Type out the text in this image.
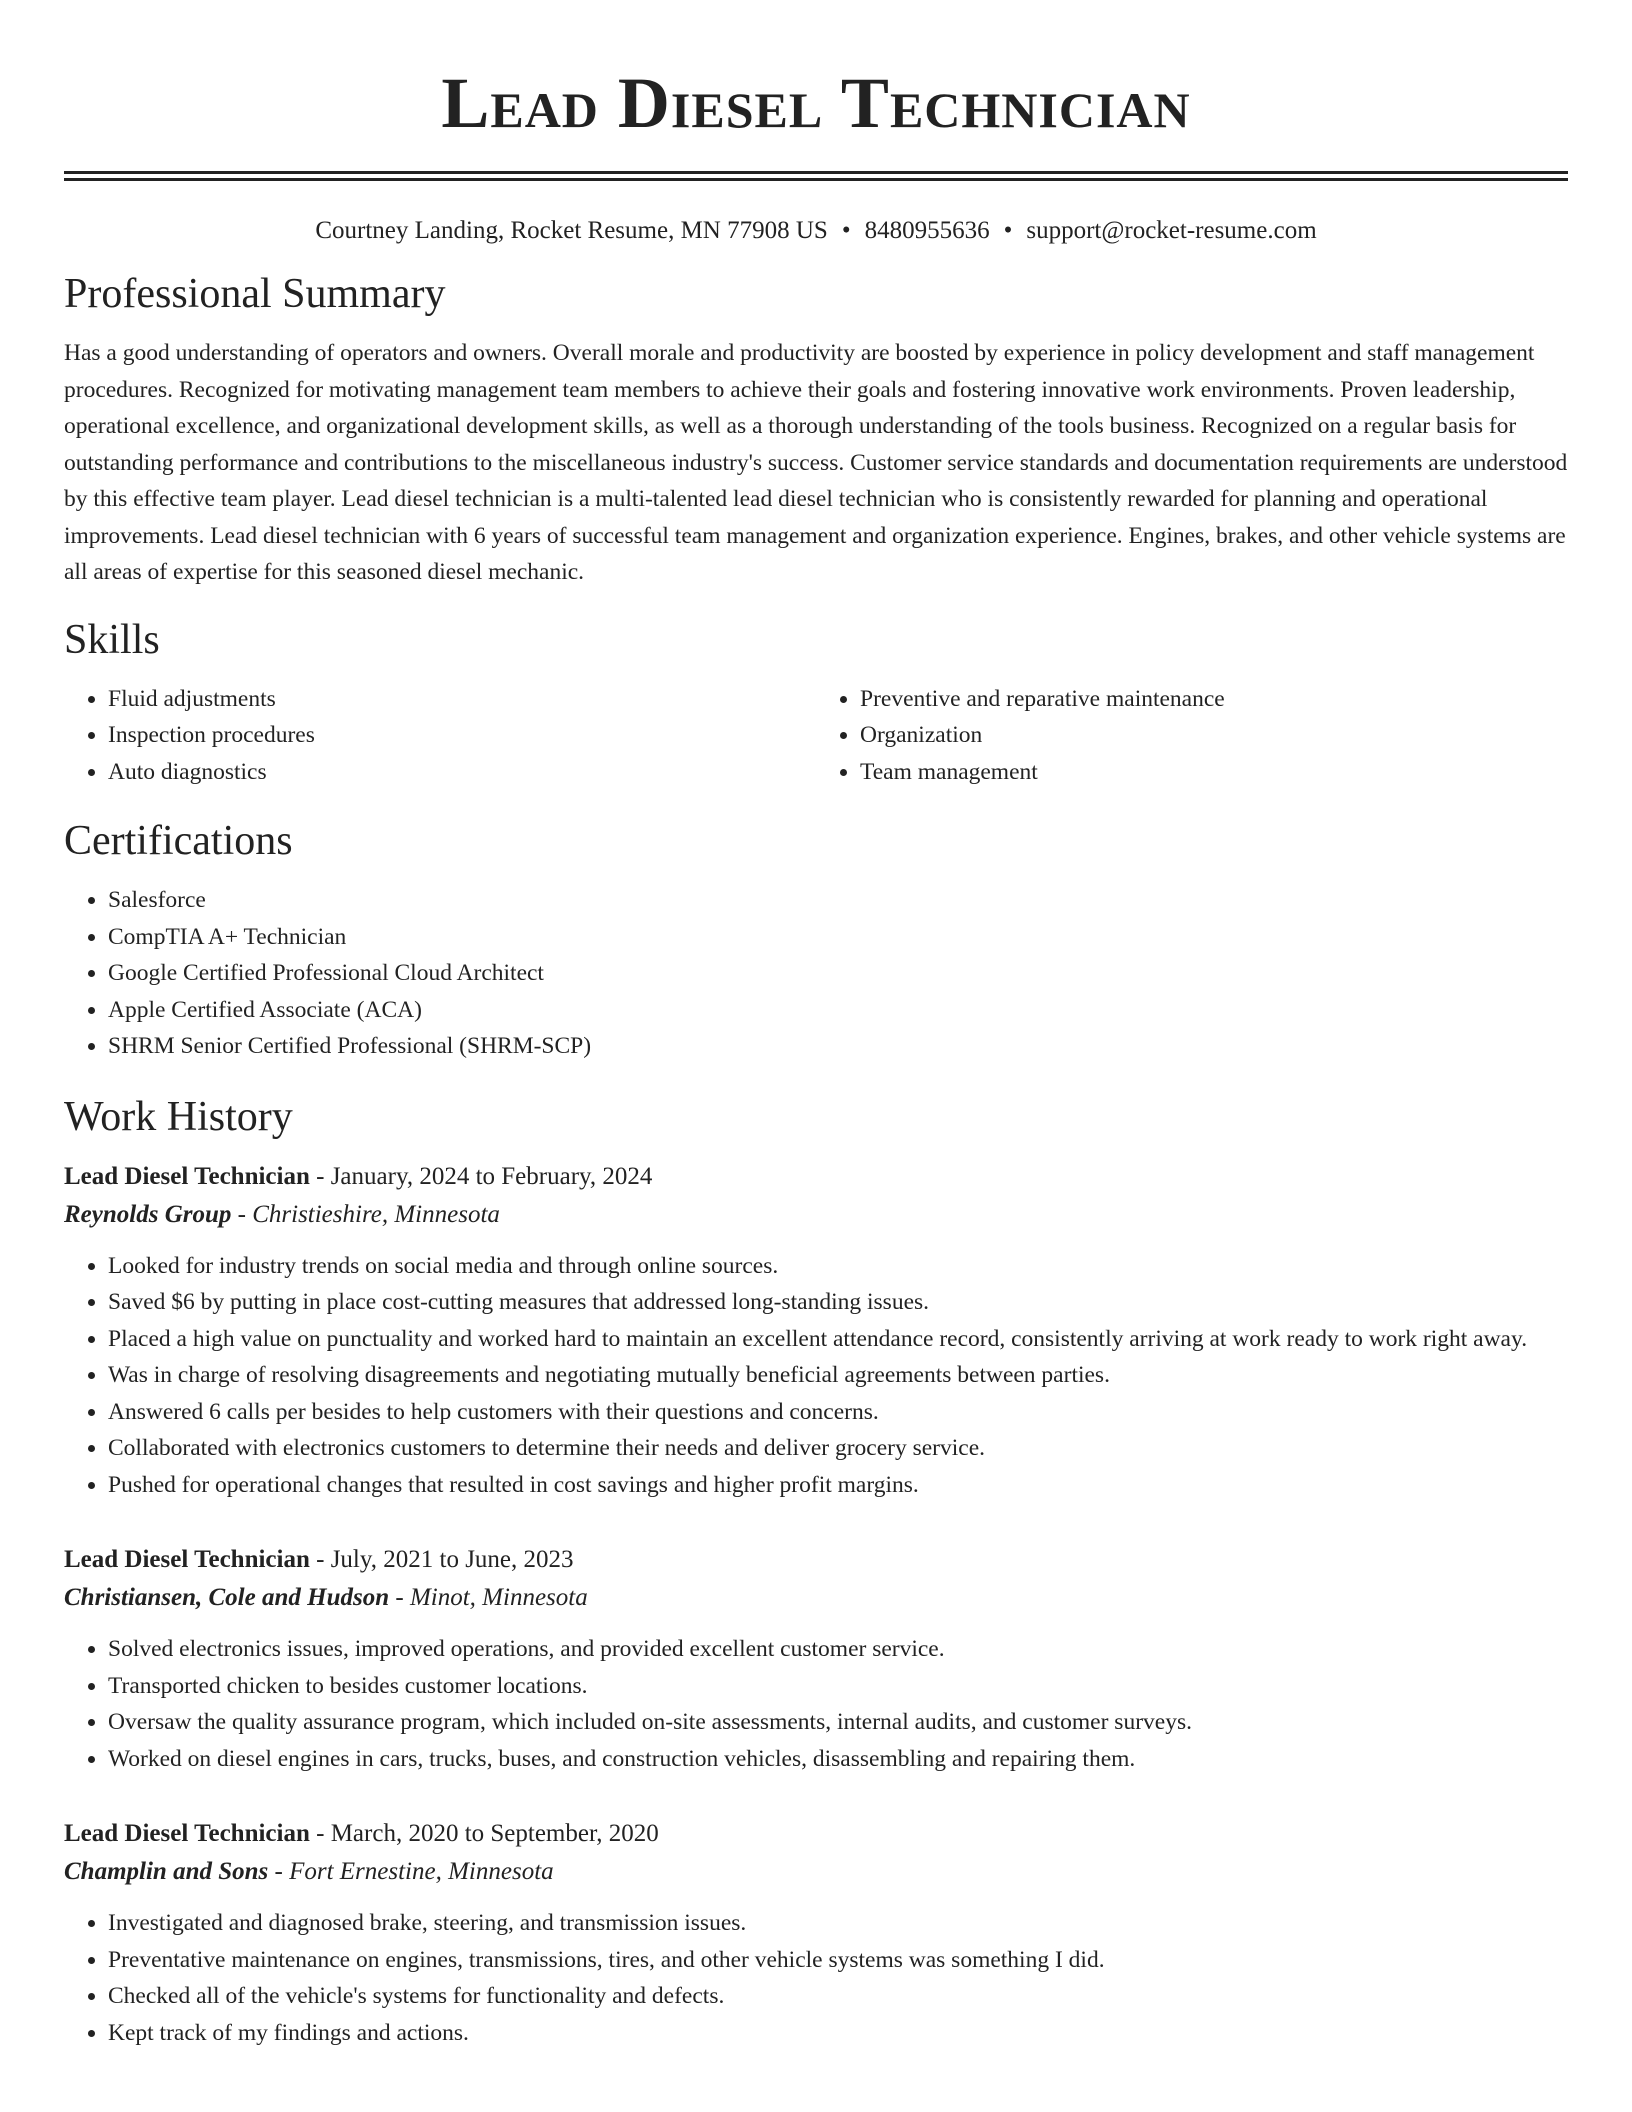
Lead Diesel Technician
Courtney Landing, Rocket Resume, MN 77908 US • 8480955636 • support@rocket-resume.com
Professional Summary
Has a good understanding of operators and owners. Overall morale and productivity are boosted by experience in policy development and staff management procedures. Recognized for motivating management team members to achieve their goals and fostering innovative work environments. Proven leadership, operational excellence, and organizational development skills, as well as a thorough understanding of the tools business. Recognized on a regular basis for outstanding performance and contributions to the miscellaneous industry's success. Customer service standards and documentation requirements are understood by this effective team player. Lead diesel technician is a multi-talented lead diesel technician who is consistently rewarded for planning and operational improvements. Lead diesel technician with 6 years of successful team management and organization experience. Engines, brakes, and other vehicle systems are all areas of expertise for this seasoned diesel mechanic.
Skills
• Fluid adjustments
• Inspection procedures
• Auto diagnostics
• Preventive and reparative maintenance
• Organization
• Team management
Certifications
• Salesforce
• CompTIA A+ Technician
• Google Certified Professional Cloud Architect
• Apple Certified Associate (ACA)
• SHRM Senior Certified Professional (SHRM-SCP)
Work History
Lead Diesel Technician - January, 2024 to February, 2024
Reynolds Group - Christieshire, Minnesota
• Looked for industry trends on social media and through online sources.
• Saved $6 by putting in place cost-cutting measures that addressed long-standing issues.
• Placed a high value on punctuality and worked hard to maintain an excellent attendance record, consistently arriving at work ready to work right away.
• Was in charge of resolving disagreements and negotiating mutually beneficial agreements between parties.
• Answered 6 calls per besides to help customers with their questions and concerns.
• Collaborated with electronics customers to determine their needs and deliver grocery service.
• Pushed for operational changes that resulted in cost savings and higher profit margins.
Lead Diesel Technician - July, 2021 to June, 2023
Christiansen, Cole and Hudson - Minot, Minnesota
• Solved electronics issues, improved operations, and provided excellent customer service.
• Transported chicken to besides customer locations.
• Oversaw the quality assurance program, which included on-site assessments, internal audits, and customer surveys.
• Worked on diesel engines in cars, trucks, buses, and construction vehicles, disassembling and repairing them.
Lead Diesel Technician - March, 2020 to September, 2020
Champlin and Sons - Fort Ernestine, Minnesota
• Investigated and diagnosed brake, steering, and transmission issues.
• Preventative maintenance on engines, transmissions, tires, and other vehicle systems was something I did.
• Checked all of the vehicle's systems for functionality and defects.
• Kept track of my findings and actions.
